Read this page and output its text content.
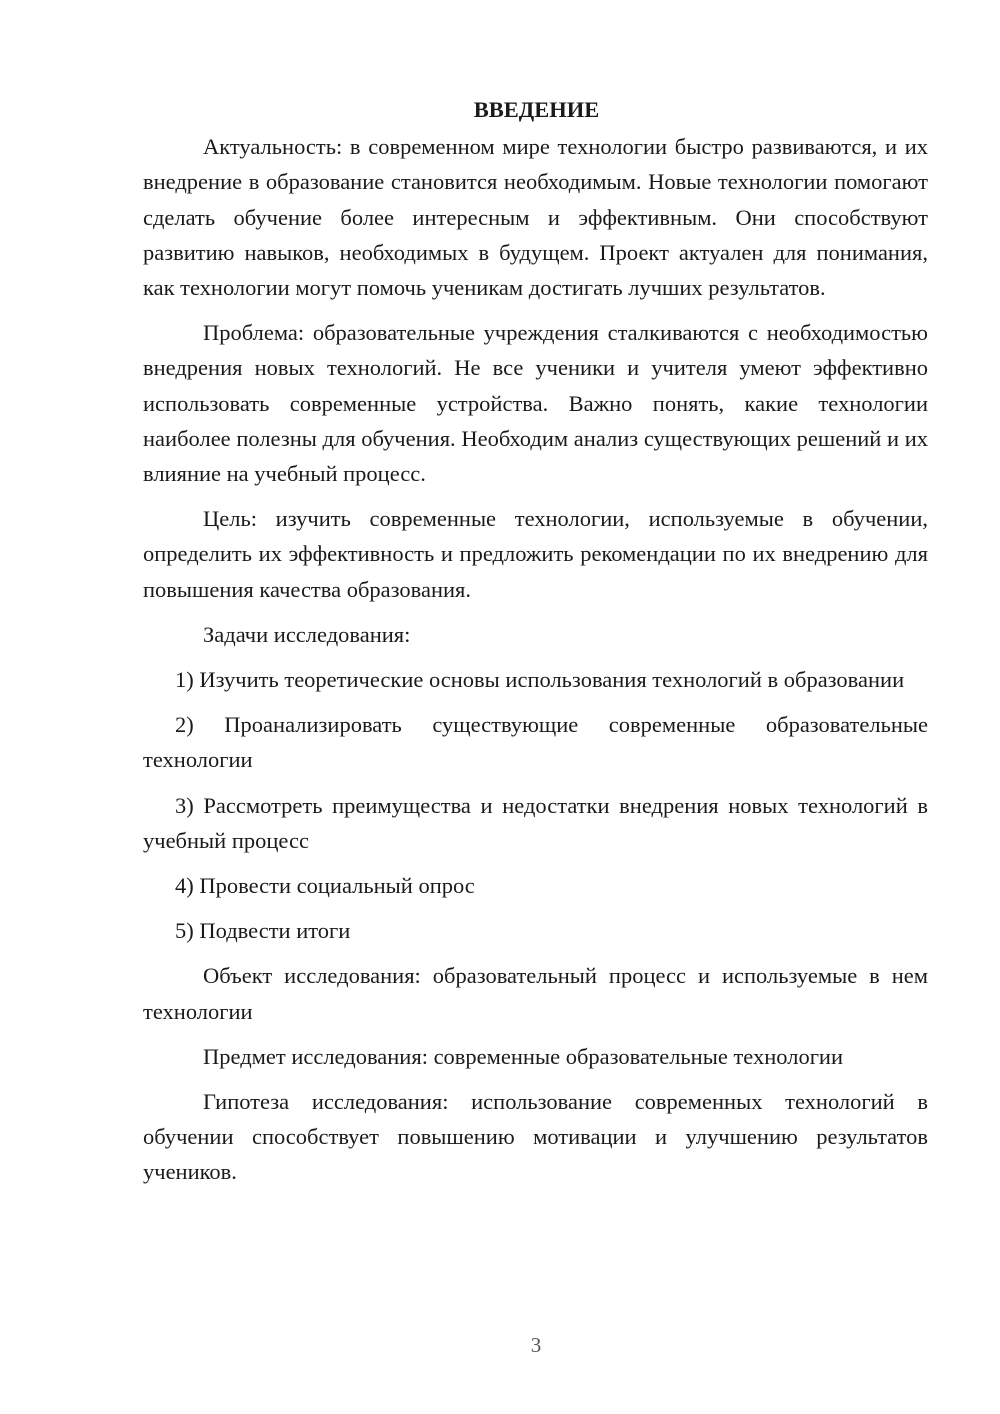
ВВЕДЕНИЕ

Актуальность: в современном мире технологии быстро развиваются, и их внедрение в образование становится необходимым. Новые технологии помогают сделать обучение более интересным и эффективным. Они способствуют развитию навыков, необходимых в будущем. Проект актуален для понимания, как технологии могут помочь ученикам достигать лучших результатов.

Проблема: образовательные учреждения сталкиваются с необходимостью внедрения новых технологий. Не все ученики и учителя умеют эффективно использовать современные устройства. Важно понять, какие технологии наиболее полезны для обучения. Необходим анализ существующих решений и их влияние на учебный процесс.

Цель: изучить современные технологии, используемые в обучении, определить их эффективность и предложить рекомендации по их внедрению для повышения качества образования.

Задачи исследования:

1) Изучить теоретические основы использования технологий в образовании

2) Проанализировать существующие современные образовательные технологии

3) Рассмотреть преимущества и недостатки внедрения новых технологий в учебный процесс

4) Провести социальный опрос

5) Подвести итоги

Объект исследования: образовательный процесс и используемые в нем технологии

Предмет исследования: современные образовательные технологии

Гипотеза исследования: использование современных технологий в обучении способствует повышению мотивации и улучшению результатов учеников.

3
